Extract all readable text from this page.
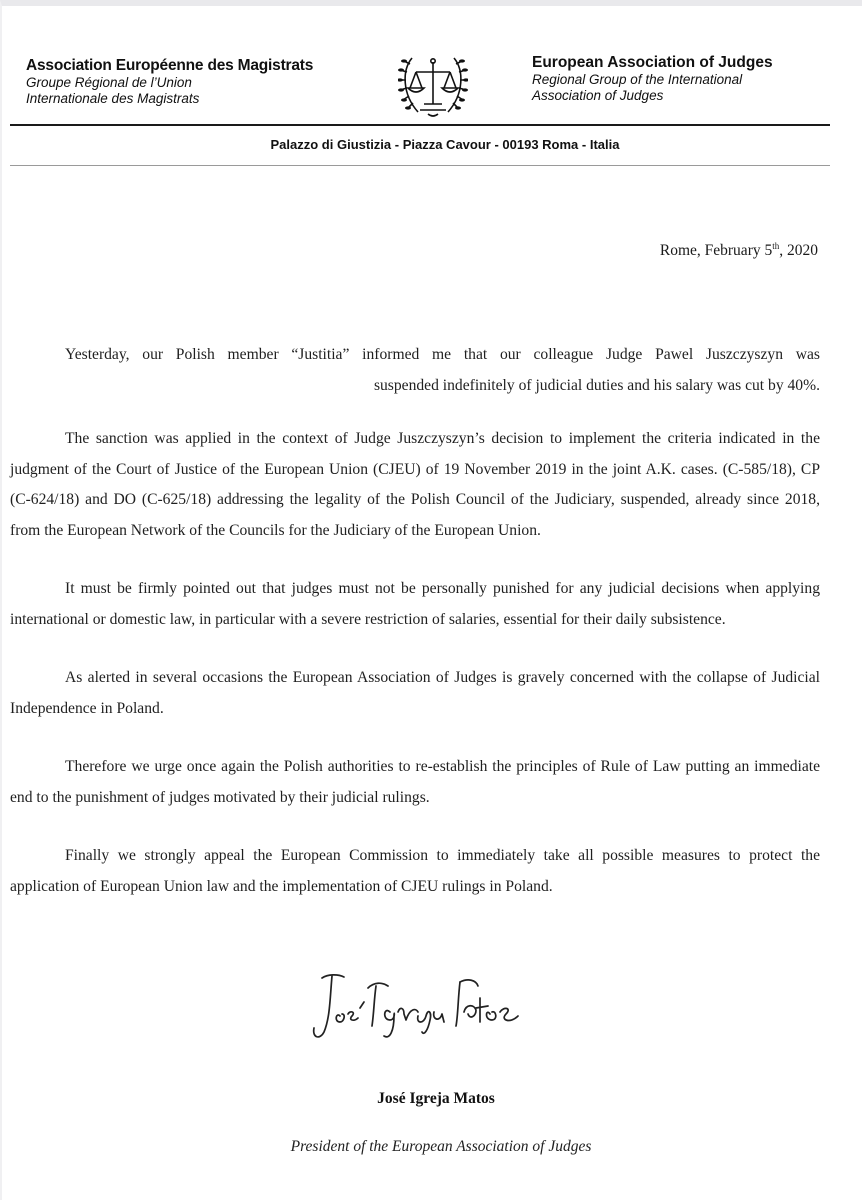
Association Européenne des Magistrats
Groupe Régional de l’Union
Internationale des Magistrats
European Association of Judges
Regional Group of the International
Association of Judges
Palazzo di Giustizia - Piazza Cavour - 00193 Roma - Italia
Rome, February 5th, 2020
Yesterday, our Polish member “Justitia” informed me that our colleague Judge Pawel Juszczyszyn was
suspended indefinitely of judicial duties and his salary was cut by 40%.

The sanction was applied in the context of Judge Juszczyszyn’s decision to implement the criteria indicated in the judgment of the Court of Justice of the European Union (CJEU) of 19 November 2019 in the joint A.K. cases. (C-585/18), CP (C-624/18) and DO (C-625/18) addressing the legality of the Polish Council of the Judiciary, suspended, already since 2018, from the European Network of the Councils for the Judiciary of the European Union.

It must be firmly pointed out that judges must not be personally punished for any judicial decisions when applying international or domestic law, in particular with a severe restriction of salaries, essential for their daily subsistence.

As alerted in several occasions the European Association of Judges is gravely concerned with the collapse of Judicial Independence in Poland.

Therefore we urge once again the Polish authorities to re-establish the principles of Rule of Law putting an immediate end to the punishment of judges motivated by their judicial rulings.

Finally we strongly appeal the European Commission to immediately take all possible measures to protect the application of European Union law and the implementation of CJEU rulings in Poland.

José Igreja Matos
President of the European Association of Judges
